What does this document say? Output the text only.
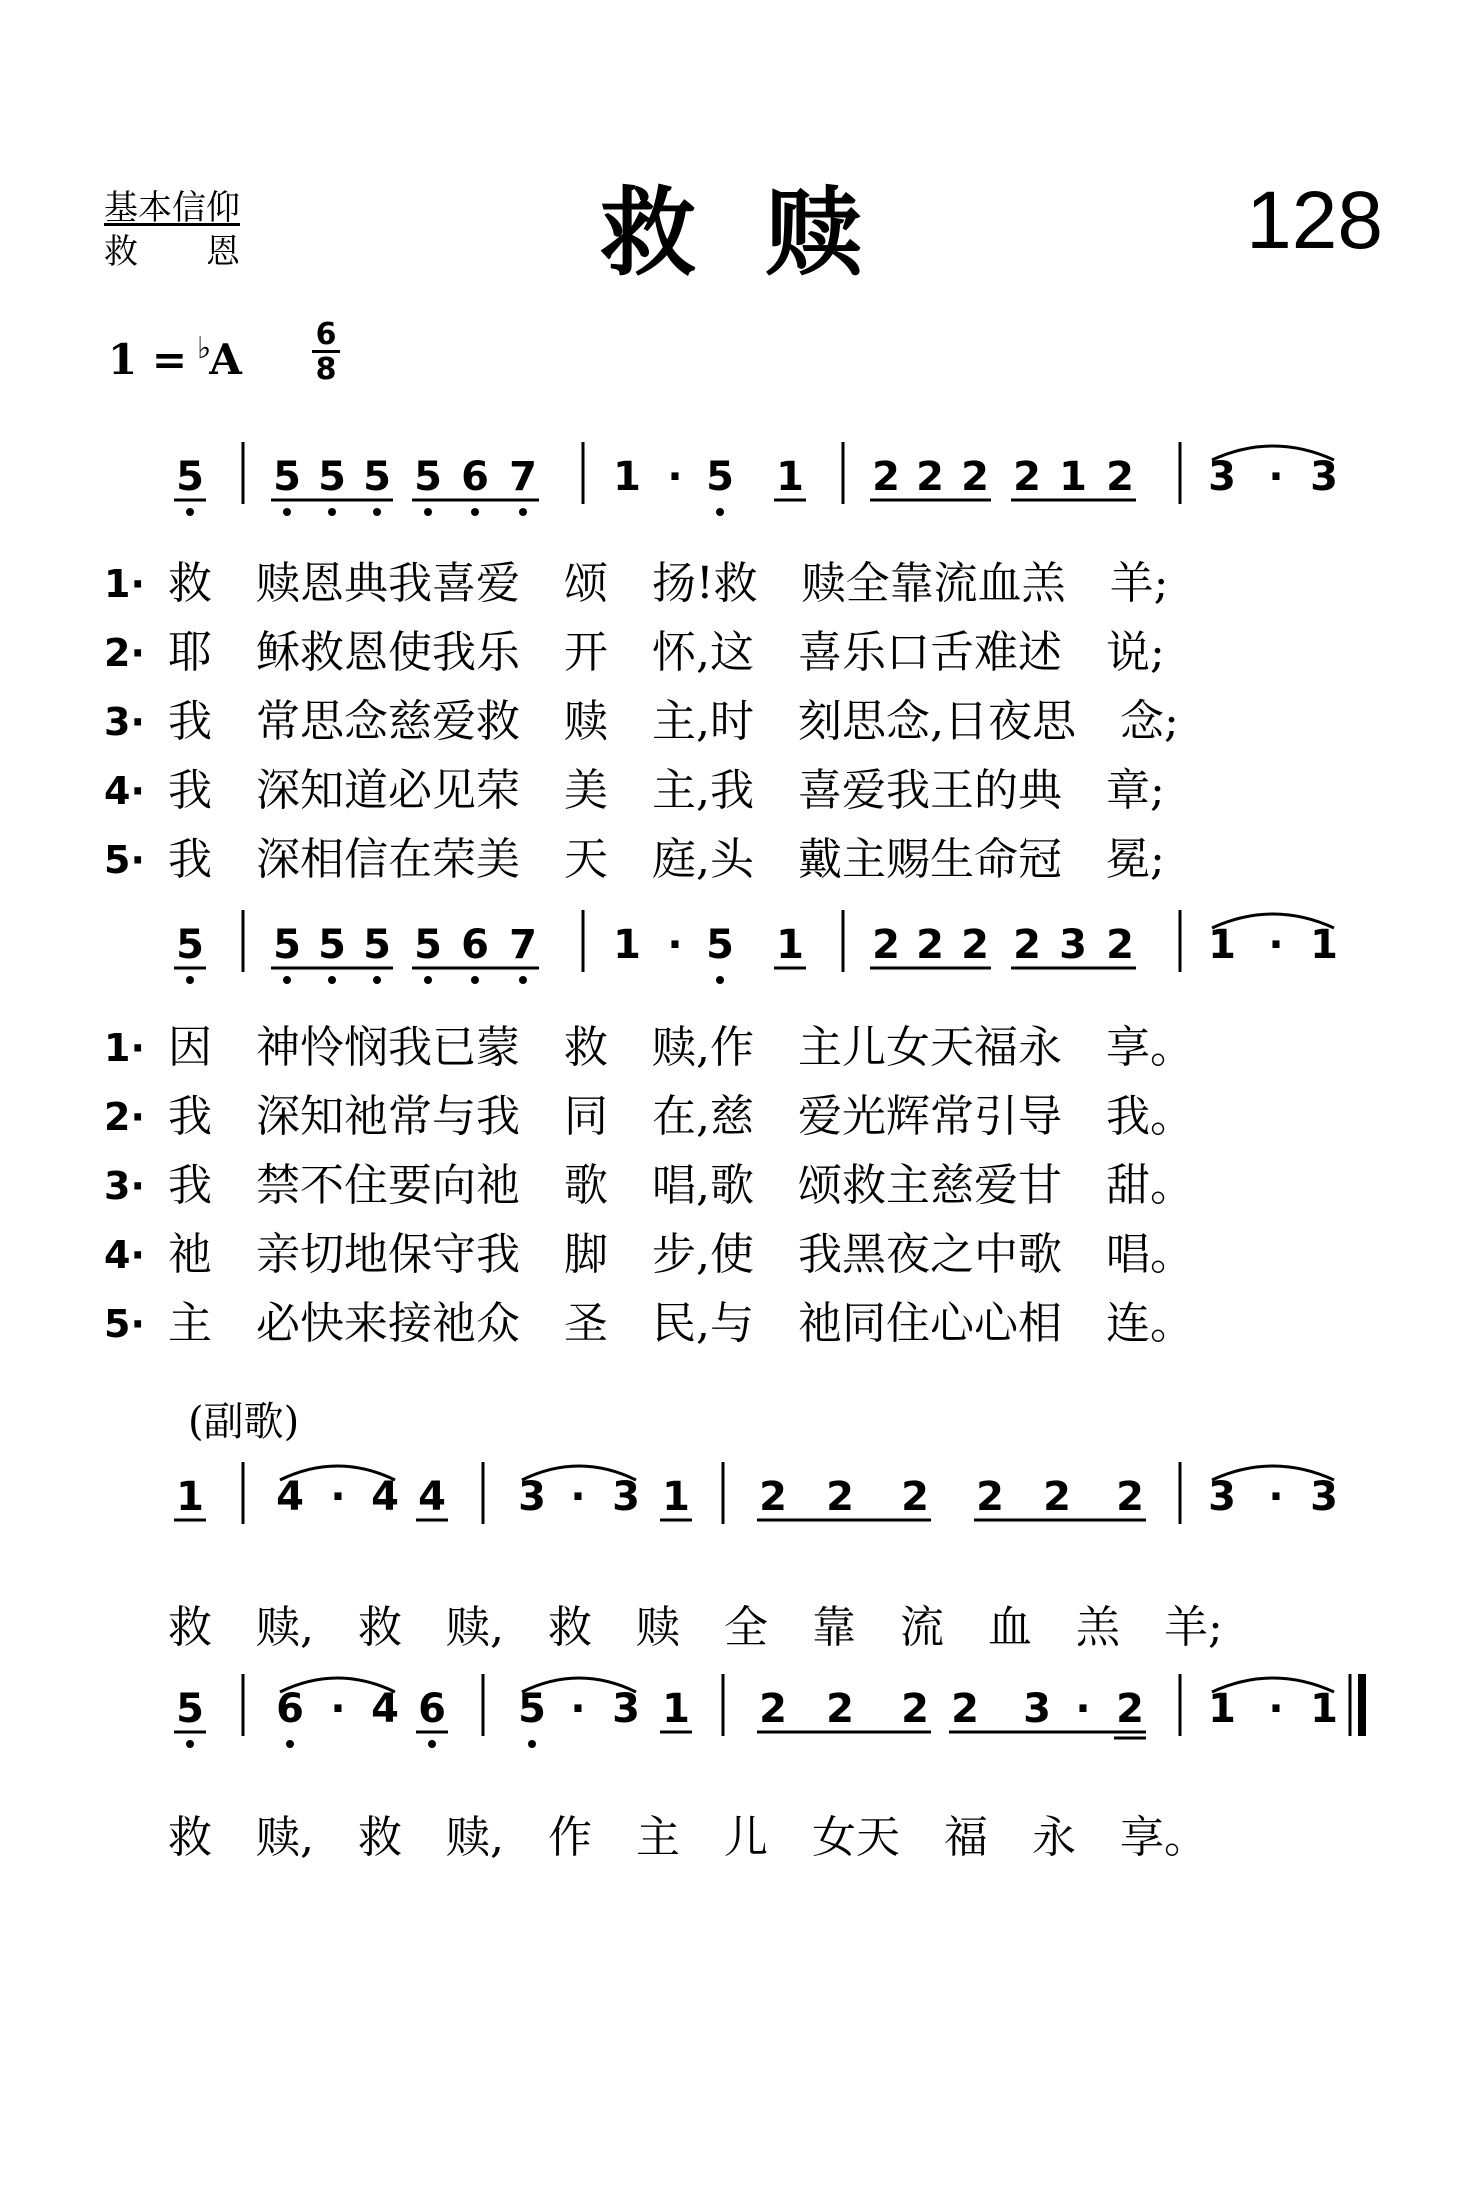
基本信仰
救　　恩	救赎	128
1 = ♭A
6
8
5 5 5 5 5 6 7 1 · 5 1 2 2 2 2 1 2 3 · 3
1· 救　赎恩典我喜爱　颂　扬!救　赎全靠流血羔　羊;
2· 耶　稣救恩使我乐　开　怀,这　喜乐口舌难述　说;
3· 我　常思念慈爱救　赎　主,时　刻思念,日夜思　念;
4· 我　深知道必见荣　美　主,我　喜爱我王的典　章;
5· 我　深相信在荣美　天　庭,头　戴主赐生命冠　冕;
5 5 5 5 5 6 7 1 · 5 1 2 2 2 2 3 2 1 · 1
1· 因　神怜悯我已蒙　救　赎,作　主儿女天福永　享。
2· 我　深知祂常与我　同　在,慈　爱光辉常引导　我。
3· 我　禁不住要向祂　歌　唱,歌　颂救主慈爱甘　甜。
4· 祂　亲切地保守我　脚　步,使　我黑夜之中歌　唱。
5· 主　必快来接祂众　圣　民,与　祂同住心心相　连。
(副歌)
1 4 · 4 4 3 · 3 1 2 2 2 2 2 2 3 · 3
救　赎,　救　赎,　救　赎　全　靠　流　血　羔　羊;
5 6 · 4 6 5 · 3 1 2 2 2 2 3 · 2 1 · 1
救　赎,　救　赎,　作　主　儿　女天　福　永　享。
